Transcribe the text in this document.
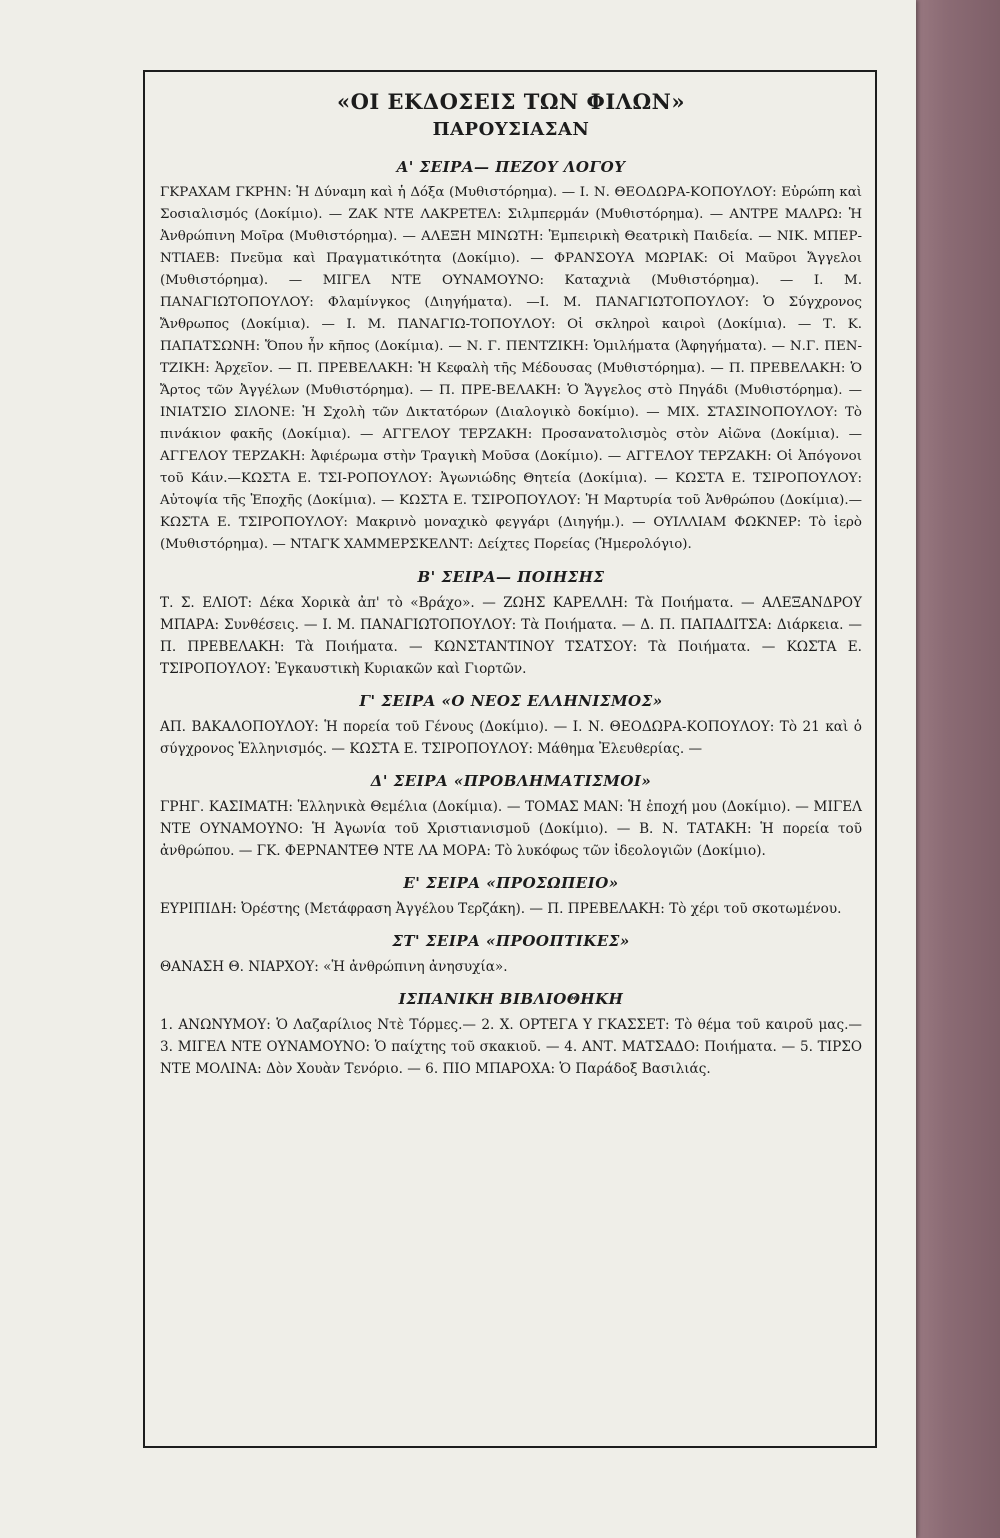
«ΟΙ ΕΚΔΟΣΕΙΣ ΤΩΝ ΦΙΛΩΝ»
ΠΑΡΟΥΣΙΑΣΑΝ
Α' ΣΕΙΡΑ— ΠΕΖΟΥ ΛΟΓΟΥ

ΓΚΡΑΧΑΜ ΓΚΡΗΝ: Ἡ Δύναμη καὶ ἡ Δόξα (Μυθιστόρημα). — Ι. Ν. ΘΕΟΔΩΡΑ-ΚΟΠΟΥΛΟΥ: Εὐρώπη καὶ Σοσιαλισμός (Δοκίμιο). — ΖΑΚ ΝΤΕ ΛΑΚΡΕΤΕΛ: Σιλμπερμάν (Μυθιστόρημα). — ΑΝΤΡΕ ΜΑΛΡΩ: Ἡ Ἀνθρώπινη Μοῖρα (Μυθιστόρημα). — ΑΛΕΞΗ ΜΙΝΩΤΗ: Ἐμπειρικὴ Θεατρικὴ Παιδεία. — ΝΙΚ. ΜΠΕΡ-ΝΤΙΑΕΒ: Πνεῦμα καὶ Πραγματικότητα (Δοκίμιο). — ΦΡΑΝΣΟΥΑ ΜΩΡΙΑΚ: Οἱ Μαῦροι Ἄγγελοι (Μυθιστόρημα). — ΜΙΓΕΛ ΝΤΕ ΟΥΝΑΜΟΥΝΟ: Καταχνιὰ (Μυθιστόρημα). — Ι. Μ. ΠΑΝΑΓΙΩΤΟΠΟΥΛΟΥ: Φλαμίνγκος (Διηγήματα). —Ι. Μ. ΠΑΝΑΓΙΩΤΟΠΟΥΛΟΥ: Ὁ Σύγχρονος Ἄνθρωπος (Δοκίμια). — Ι. Μ. ΠΑΝΑΓΙΩ-ΤΟΠΟΥΛΟΥ: Οἱ σκληροὶ καιροὶ (Δοκίμια). — Τ. Κ. ΠΑΠΑΤΣΩΝΗ: Ὅπου ἦν κῆπος (Δοκίμια). — Ν. Γ. ΠΕΝΤΖΙΚΗ: Ὁμιλήματα (Ἀφηγήματα). — Ν.Γ. ΠΕΝ-ΤΖΙΚΗ: Ἀρχεῖον. — Π. ΠΡΕΒΕΛΑΚΗ: Ἡ Κεφαλὴ τῆς Μέδουσας (Μυθιστόρημα). — Π. ΠΡΕΒΕΛΑΚΗ: Ὁ Ἄρτος τῶν Ἀγγέλων (Μυθιστόρημα). — Π. ΠΡΕ-ΒΕΛΑΚΗ: Ὁ Ἄγγελος στὸ Πηγάδι (Μυθιστόρημα). — ΙΝΙΑΤΣΙΟ ΣΙΛΟΝΕ: Ἡ Σχολὴ τῶν Δικτατόρων (Διαλογικὸ δοκίμιο). — ΜΙΧ. ΣΤΑΣΙΝΟΠΟΥΛΟΥ: Τὸ πινάκιον φακῆς (Δοκίμια). — ΑΓΓΕΛΟΥ ΤΕΡΖΑΚΗ: Προσανατολισμὸς στὸν Αἰῶνα (Δοκίμια). — ΑΓΓΕΛΟΥ ΤΕΡΖΑΚΗ: Ἀφιέρωμα στὴν Τραγικὴ Μοῦσα (Δοκίμιο). — ΑΓΓΕΛΟΥ ΤΕΡΖΑΚΗ: Οἱ Ἀπόγονοι τοῦ Κάιν.—ΚΩΣΤΑ Ε. ΤΣΙ-ΡΟΠΟΥΛΟΥ: Ἀγωνιώδης Θητεία (Δοκίμια). — ΚΩΣΤΑ Ε. ΤΣΙΡΟΠΟΥΛΟΥ: Αὐτοψία τῆς Ἐποχῆς (Δοκίμια). — ΚΩΣΤΑ Ε. ΤΣΙΡΟΠΟΥΛΟΥ: Ἡ Μαρτυρία τοῦ Ἀνθρώπου (Δοκίμια).— ΚΩΣΤΑ Ε. ΤΣΙΡΟΠΟΥΛΟΥ: Μακρινὸ μοναχικὸ φεγγάρι (Διηγήμ.). — ΟΥΙΛΛΙΑΜ ΦΩΚΝΕΡ: Τὸ ἱερὸ (Μυθιστόρημα). — ΝΤΑΓΚ ΧΑΜΜΕΡΣΚΕΛΝΤ: Δείχτες Πορείας (Ἡμερολόγιο).

Β' ΣΕΙΡΑ— ΠΟΙΗΣΗΣ

Τ. Σ. ΕΛΙΟΤ: Δέκα Χορικὰ ἀπ' τὸ «Βράχο». — ΖΩΗΣ ΚΑΡΕΛΛΗ: Τὰ Ποιήματα. — ΑΛΕΞΑΝΔΡΟΥ ΜΠΑΡΑ: Συνθέσεις. — Ι. Μ. ΠΑΝΑΓΙΩΤΟΠΟΥΛΟΥ: Τὰ Ποιήματα. — Δ. Π. ΠΑΠΑΔΙΤΣΑ: Διάρκεια. — Π. ΠΡΕΒΕΛΑΚΗ: Τὰ Ποιήματα. — ΚΩΝΣΤΑΝΤΙΝΟΥ ΤΣΑΤΣΟΥ: Τὰ Ποιήματα. — ΚΩΣΤΑ Ε. ΤΣΙΡΟΠΟΥΛΟΥ: Ἐγκαυστικὴ Κυριακῶν καὶ Γιορτῶν.

Γ' ΣΕΙΡΑ «Ο ΝΕΟΣ ΕΛΛΗΝΙΣΜΟΣ»

ΑΠ. ΒΑΚΑΛΟΠΟΥΛΟΥ: Ἡ πορεία τοῦ Γένους (Δοκίμιο). — Ι. Ν. ΘΕΟΔΩΡΑ-ΚΟΠΟΥΛΟΥ: Τὸ 21 καὶ ὁ σύγχρονος Ἑλληνισμός. — ΚΩΣΤΑ Ε. ΤΣΙΡΟΠΟΥΛΟΥ: Μάθημα Ἐλευθερίας. —

Δ' ΣΕΙΡΑ «ΠΡΟΒΛΗΜΑΤΙΣΜΟΙ»

ΓΡΗΓ. ΚΑΣΙΜΑΤΗ: Ἑλληνικὰ Θεμέλια (Δοκίμια). — ΤΟΜΑΣ ΜΑΝ: Ἡ ἐποχή μου (Δοκίμιο). — ΜΙΓΕΛ ΝΤΕ ΟΥΝΑΜΟΥΝΟ: Ἡ Ἀγωνία τοῦ Χριστιανισμοῦ (Δοκίμιο). — Β. Ν. ΤΑΤΑΚΗ: Ἡ πορεία τοῦ ἀνθρώπου. — ΓΚ. ΦΕΡΝΑΝΤΕΘ ΝΤΕ ΛΑ ΜΟΡΑ: Τὸ λυκόφως τῶν ἰδεολογιῶν (Δοκίμιο).

Ε' ΣΕΙΡΑ «ΠΡΟΣΩΠΕΙΟ»

ΕΥΡΙΠΙΔΗ: Ὀρέστης (Μετάφραση Ἀγγέλου Τερζάκη). — Π. ΠΡΕΒΕΛΑΚΗ: Τὸ χέρι τοῦ σκοτωμένου.

ΣΤ' ΣΕΙΡΑ «ΠΡΟΟΠΤΙΚΕΣ»

ΘΑΝΑΣΗ Θ. ΝΙΑΡΧΟΥ: «Ἡ ἀνθρώπινη ἀνησυχία».

ΙΣΠΑΝΙΚΗ ΒΙΒΛΙΟΘΗΚΗ

1. ΑΝΩΝΥΜΟΥ: Ὁ Λαζαρίλιος Ντὲ Τόρμες.— 2. Χ. ΟΡΤΕΓΑ Υ ΓΚΑΣΣΕΤ: Τὸ θέμα τοῦ καιροῦ μας.— 3. ΜΙΓΕΛ ΝΤΕ ΟΥΝΑΜΟΥΝΟ: Ὁ παίχτης τοῦ σκακιοῦ. — 4. ΑΝΤ. ΜΑΤΣΑΔΟ: Ποιήματα. — 5. ΤΙΡΣΟ ΝΤΕ ΜΟΛΙΝΑ: Δὸν Χουὰν Τενόριο. — 6. ΠΙΟ ΜΠΑΡΟΧΑ: Ὁ Παράδοξ Βασιλιάς.
